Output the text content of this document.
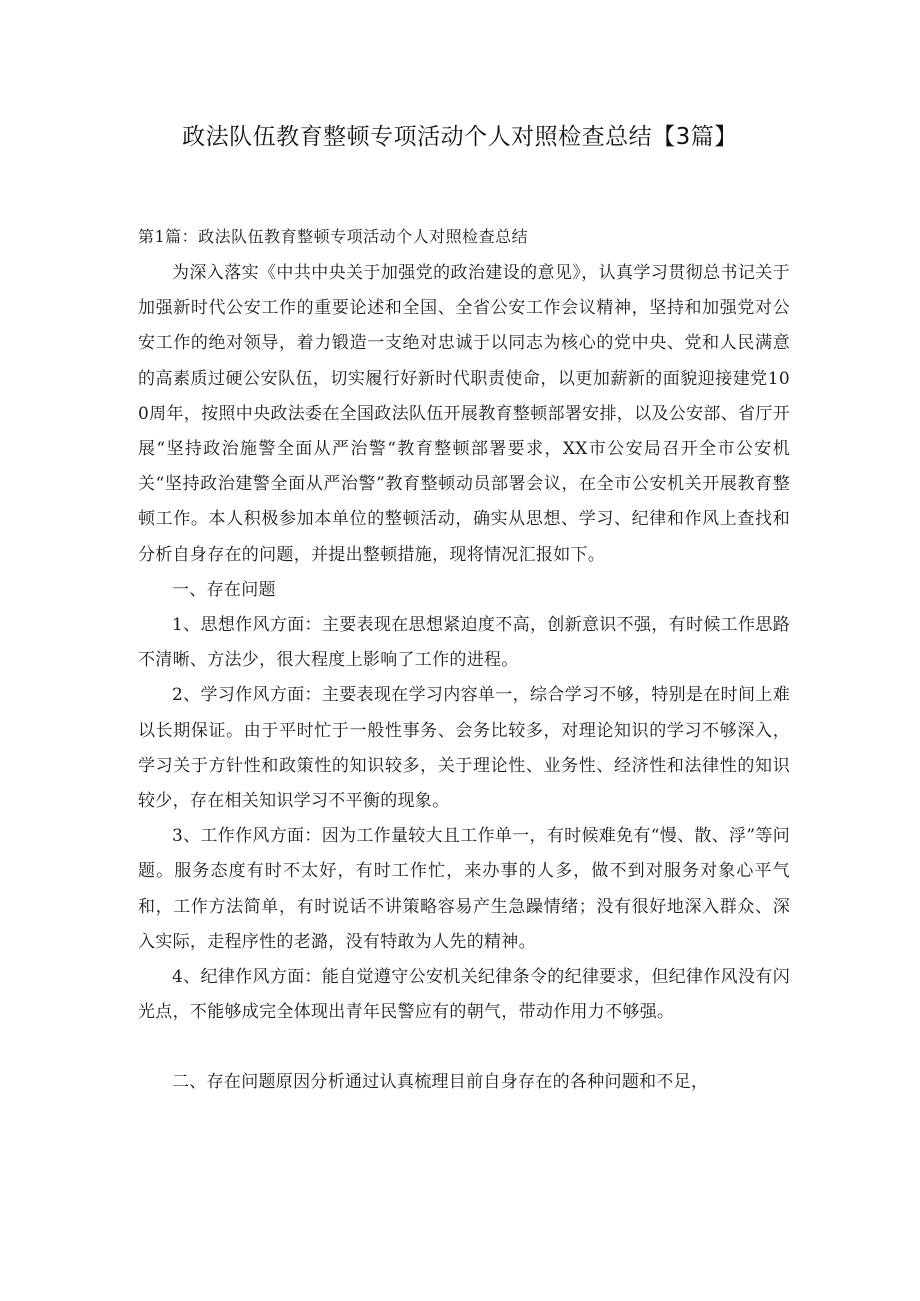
政法队伍教育整顿专项活动个人对照检查总结【3篇】

第1篇：政法队伍教育整顿专项活动个人对照检查总结

为深入落实《中共中央关于加强党的政治建设的意见》，认真学习贯彻总书记关于加强新时代公安工作的重要论述和全国、全省公安工作会议精神，坚持和加强党对公安工作的绝对领导，着力锻造一支绝对忠诚于以同志为核心的党中央、党和人民满意的高素质过硬公安队伍，切实履行好新时代职责使命，以更加薪新的面貌迎接建党100周年，按照中央政法委在全国政法队伍开展教育整顿部署安排，以及公安部、省厅开展“坚持政治施警全面从严治警“教育整顿部署要求，XX市公安局召开全市公安机关“坚持政治建警全面从严治警”教育整顿动员部署会议，在全市公安机关开展教育整顿工作。本人积极参加本单位的整顿活动，确实从思想、学习、纪律和作风上查找和分析自身存在的问题，并提出整顿措施，现将情况汇报如下。

一、存在问题

1、思想作风方面：主要表现在思想紧迫度不高，创新意识不强，有时候工作思路不清晰、方法少，很大程度上影响了工作的进程。

2、学习作风方面：主要表现在学习内容单一，综合学习不够，特别是在时间上难以长期保证。由于平时忙于一般性事务、会务比较多，对理论知识的学习不够深入，学习关于方针性和政策性的知识较多，关于理论性、业务性、经济性和法律性的知识较少，存在相关知识学习不平衡的现象。

3、工作作风方面：因为工作量较大且工作单一，有时候难免有“慢、散、浮”等问题。服务态度有时不太好，有时工作忙，来办事的人多，做不到对服务对象心平气和，工作方法简单，有时说话不讲策略容易产生急躁情绪；没有很好地深入群众、深入实际，走程序性的老潞，没有特敢为人先的精神。

4、纪律作风方面：能自觉遵守公安机关纪律条令的纪律要求，但纪律作风没有闪光点，不能够成完全体现出青年民警应有的朝气，带动作用力不够强。

二、存在问题原因分析通过认真梳理目前自身存在的各种问题和不足，
